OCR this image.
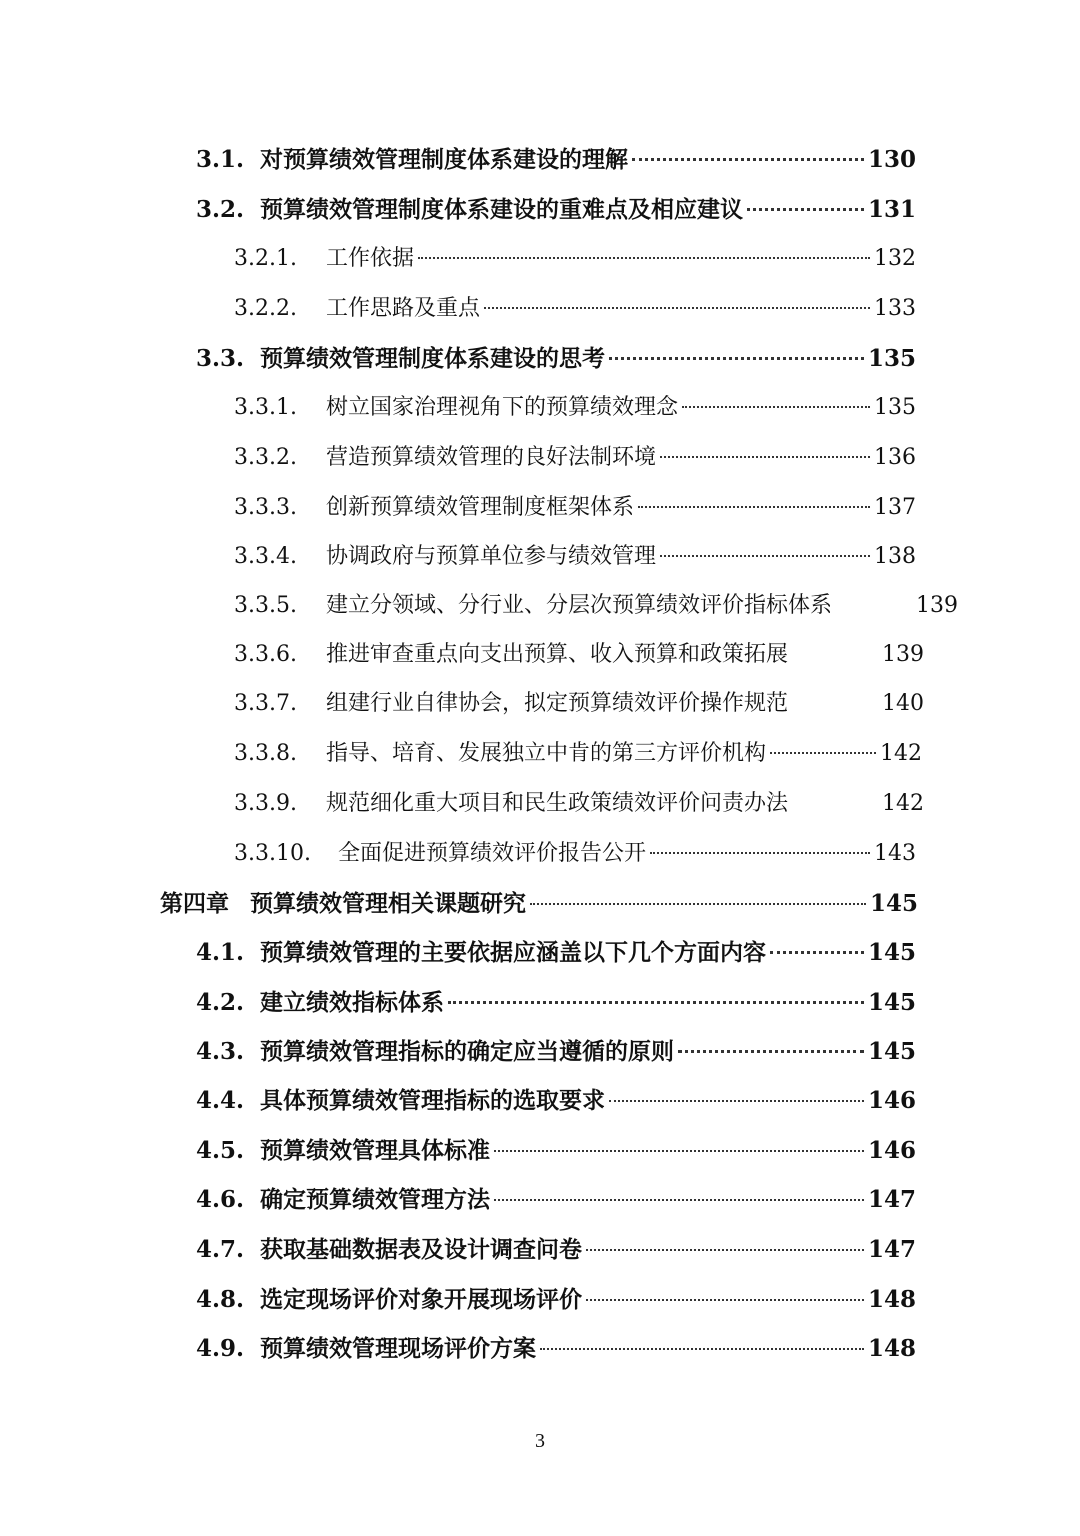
3.1. 对预算绩效管理制度体系建设的理解	130
3.2. 预算绩效管理制度体系建设的重难点及相应建议	131
3.2.1.	工作依据	132
3.2.2.	工作思路及重点	133
3.3. 预算绩效管理制度体系建设的思考	135
3.3.1.	树立国家治理视角下的预算绩效理念	135
3.3.2.	营造预算绩效管理的良好法制环境	136
3.3.3.	创新预算绩效管理制度框架体系	137
3.3.4.	协调政府与预算单位参与绩效管理	138
3.3.5.	建立分领域、分行业、分层次预算绩效评价指标体系	139
3.3.6.	推进审查重点向支出预算、收入预算和政策拓展	139
3.3.7.	组建行业自律协会，拟定预算绩效评价操作规范	140
3.3.8.	指导、培育、发展独立中肯的第三方评价机构	142
3.3.9.	规范细化重大项目和民生政策绩效评价问责办法	142
3.3.10.	全面促进预算绩效评价报告公开	143
第四章 预算绩效管理相关课题研究	145
4.1. 预算绩效管理的主要依据应涵盖以下几个方面内容	145
4.2. 建立绩效指标体系	145
4.3. 预算绩效管理指标的确定应当遵循的原则	145
4.4. 具体预算绩效管理指标的选取要求	146
4.5. 预算绩效管理具体标准	146
4.6. 确定预算绩效管理方法	147
4.7. 获取基础数据表及设计调查问卷	147
4.8. 选定现场评价对象开展现场评价	148
4.9. 预算绩效管理现场评价方案	148
3
